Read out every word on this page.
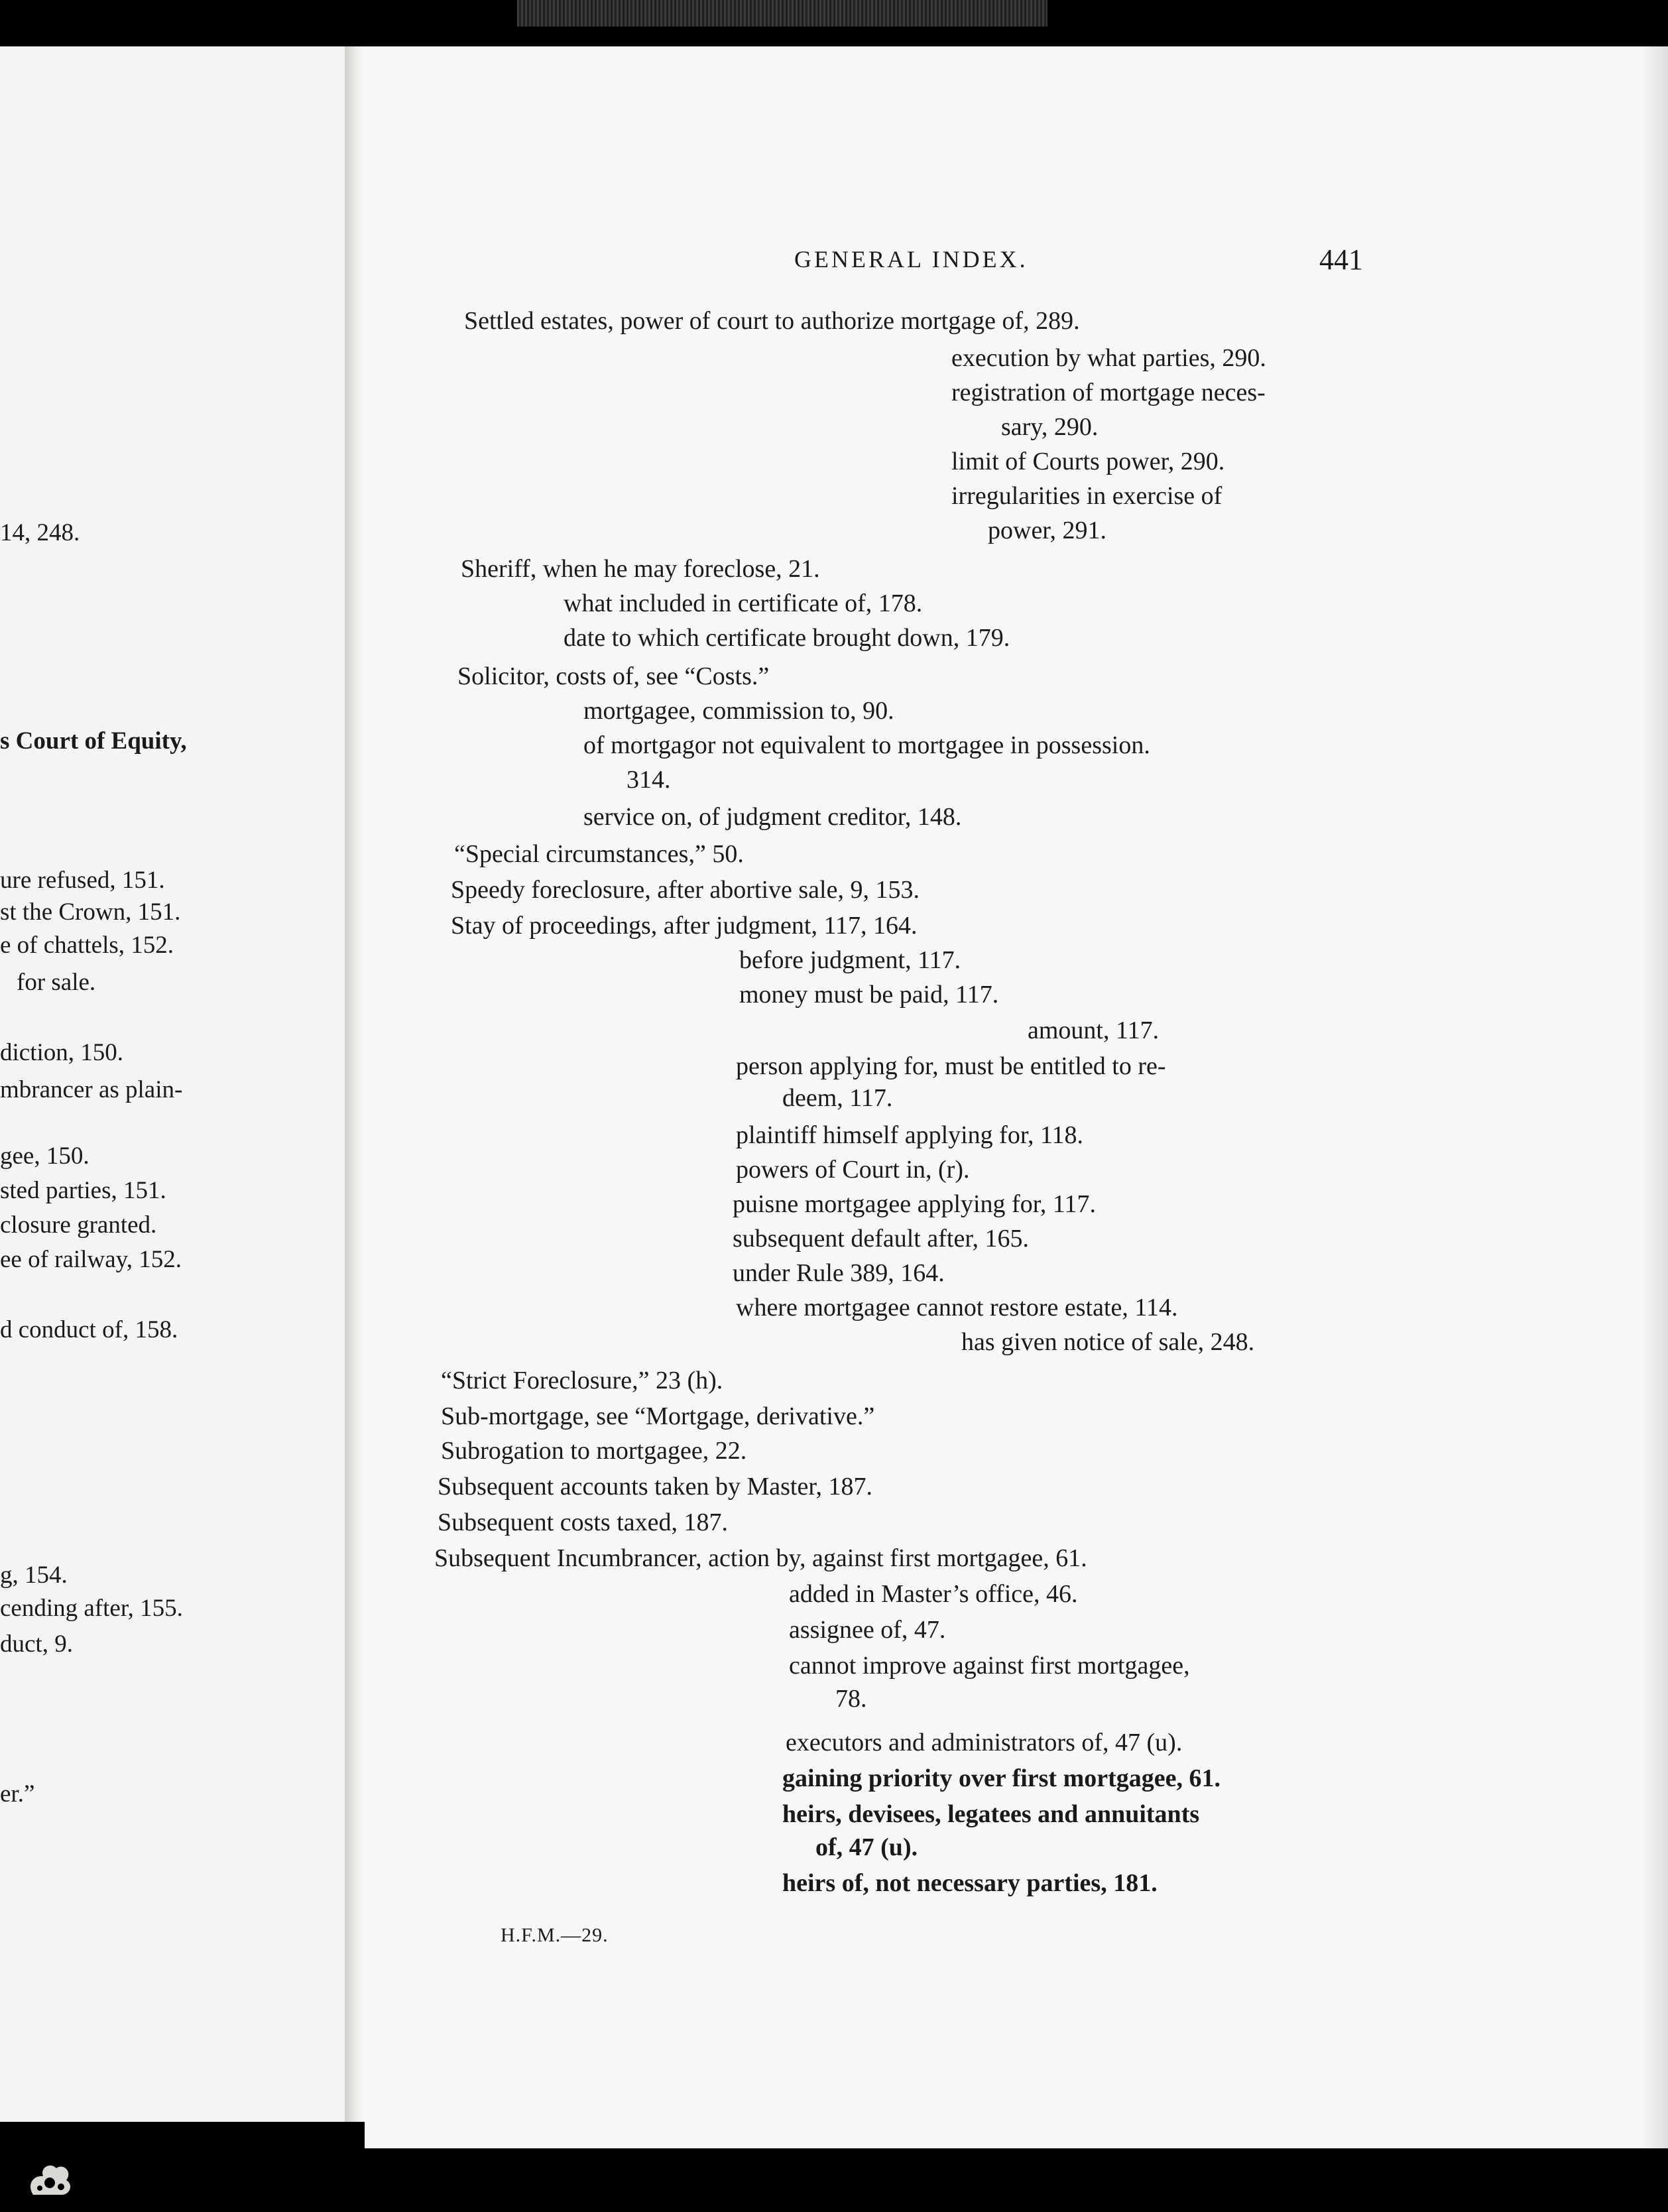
14, 248.
s Court of Equity,
ure refused, 151.
st the Crown, 151.
e of chattels, 152.
for sale.
diction, 150.
mbrancer as plain-
gee, 150.
sted parties, 151.
closure granted.
ee of railway, 152.
d conduct of, 158.
g, 154.
cending after, 155.
duct, 9.
er.”
GENERAL INDEX.	441
Settled estates, power of court to authorize mortgage of, 289.
execution by what parties, 290.
registration of mortgage neces-
sary, 290.
limit of Courts power, 290.
irregularities in exercise of
power, 291.
Sheriff, when he may foreclose, 21.
what included in certificate of, 178.
date to which certificate brought down, 179.
Solicitor, costs of, see “Costs.”
mortgagee, commission to, 90.
of mortgagor not equivalent to mortgagee in possession.
314.
service on, of judgment creditor, 148.
“Special circumstances,” 50.
Speedy foreclosure, after abortive sale, 9, 153.
Stay of proceedings, after judgment, 117, 164.
before judgment, 117.
money must be paid, 117.
amount, 117.
person applying for, must be entitled to re-
deem, 117.
plaintiff himself applying for, 118.
powers of Court in, (r).
puisne mortgagee applying for, 117.
subsequent default after, 165.
under Rule 389, 164.
where mortgagee cannot restore estate, 114.
has given notice of sale, 248.
“Strict Foreclosure,” 23 (h).
Sub-mortgage, see “Mortgage, derivative.”
Subrogation to mortgagee, 22.
Subsequent accounts taken by Master, 187.
Subsequent costs taxed, 187.
Subsequent Incumbrancer, action by, against first mortgagee, 61.
added in Master’s office, 46.
assignee of, 47.
cannot improve against first mortgagee,
78.
executors and administrators of, 47 (u).
gaining priority over first mortgagee, 61.
heirs, devisees, legatees and annuitants
of, 47 (u).
heirs of, not necessary parties, 181.
H.F.M.—29.
